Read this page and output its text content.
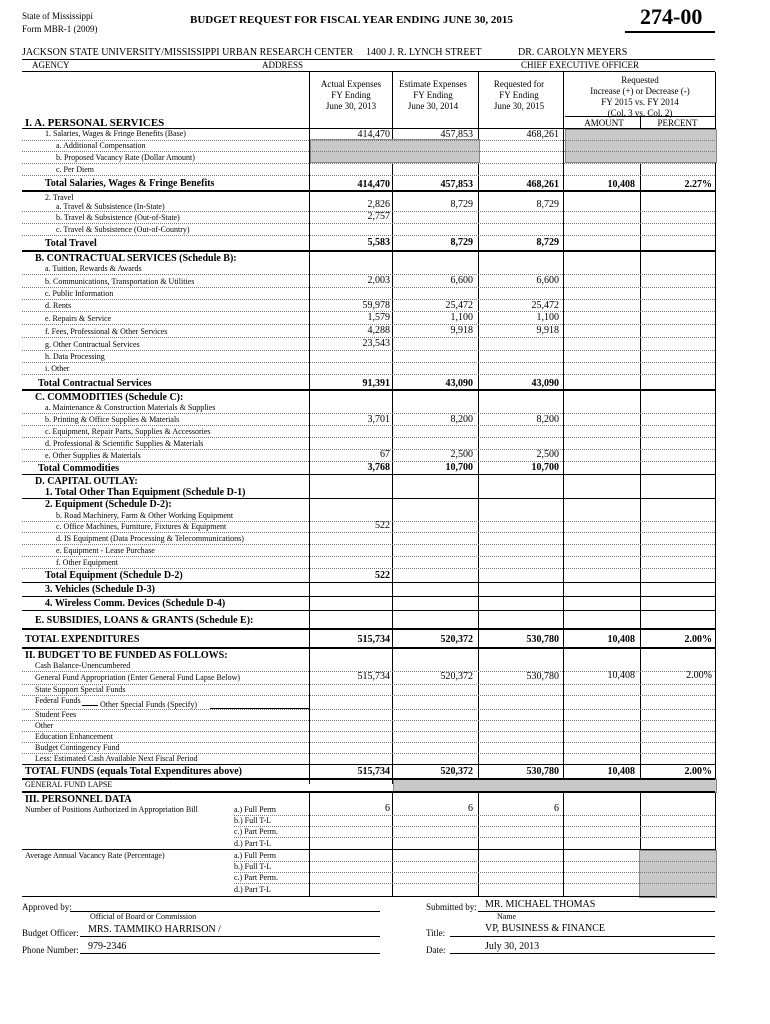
State of Mississippi
Form MBR-1 (2009)
BUDGET REQUEST FOR FISCAL YEAR ENDING JUNE 30, 2015	274-00
JACKSON STATE UNIVERSITY/MISSISSIPPI URBAN RESEARCH CENTER 1400 J. R. LYNCH STREET	DR. CAROLYN MEYERS
AGENCY	ADDRESS	CHIEF EXECUTIVE OFFICER
Actual Expenses
FY Ending
June 30, 2013
Estimate Expenses
FY Ending
June 30, 2014
Requested for
FY Ending
June 30, 2015
Requested
Increase (+) or Decrease (-)
FY 2015 vs. FY 2014
(Col. 3 vs. Col. 2)
AMOUNT	PERCENT
I. A. PERSONAL SERVICES
1. Salaries, Wages & Fringe Benefits (Base)	414,470	457,853	468,261
a. Additional Compensation
b. Proposed Vacancy Rate (Dollar Amount)
c. Per Diem
Total Salaries, Wages & Fringe Benefits	414,470	457,853	468,261	10,408	2.27%
2. Travel
a. Travel & Subsistence (In-State)	2,826	8,729	8,729
b. Travel & Subsistence (Out-of-State)	2,757
c. Travel & Subsistence (Out-of-Country)
Total Travel	5,583	8,729	8,729
B. CONTRACTUAL SERVICES (Schedule B):
a. Tuition, Rewards & Awards
b. Communications, Transportation & Utilities	2,003	6,600	6,600
c. Public Information
d. Rents	59,978	25,472	25,472
e. Repairs & Service	1,579	1,100	1,100
f. Fees, Professional & Other Services	4,288	9,918	9,918
g. Other Contractual Services	23,543
h. Data Processing
i. Other
Total Contractual Services	91,391	43,090	43,090
C. COMMODITIES (Schedule C):
a. Maintenance & Construction Materials & Supplies
b. Printing & Office Supplies & Materials	3,701	8,200	8,200
c. Equipment, Repair Parts, Supplies & Accessories
d. Professional & Scientific Supplies & Materials
e. Other Supplies & Materials	67	2,500	2,500
Total Commodities	3,768	10,700	10,700
D. CAPITAL OUTLAY:
1. Total Other Than Equipment (Schedule D-1)
2. Equipment (Schedule D-2):
b. Road Machinery, Farm & Other Working Equipment
c. Office Machines, Furniture, Fixtures & Equipment	522
d. IS Equipment (Data Processing & Telecommunications)
e. Equipment - Lease Purchase
f. Other Equipment
Total Equipment (Schedule D-2)	522
3. Vehicles (Schedule D-3)
4. Wireless Comm. Devices (Schedule D-4)
E. SUBSIDIES, LOANS & GRANTS (Schedule E):
TOTAL EXPENDITURES	515,734	520,372	530,780	10,408	2.00%
II. BUDGET TO BE FUNDED AS FOLLOWS:
Cash Balance-Unencumbered
General Fund Appropriation (Enter General Fund Lapse Below)	515,734	520,372	530,780	10,408	2.00%
State Support Special Funds
Federal Funds Other Special Funds (Specify)
Student Fees
Other
Education Enhancement
Budget Contingency Fund
Less: Estimated Cash Available Next Fiscal Period
TOTAL FUNDS (equals Total Expenditures above)	515,734	520,372	530,780	10,408	2.00%
GENERAL FUND LAPSE
III. PERSONNEL DATA
Number of Positions Authorized in Appropriation Bill	6	6	6
a.) Full Perm
b.) Full T-L
c.) Part Perm.
d.) Part T-L
Average Annual Vacancy Rate (Percentage)	a.) Full Perm
b.) Full T-L
c.) Part Perm.
d.) Part T-L
Approved by:
Official of Board or Commission
Budget Officer: MRS. TAMMIKO HARRISON /
Phone Number: 979-2346
Submitted by: MR. MICHAEL THOMAS
Name
Title:	VP, BUSINESS & FINANCE
Date:	July 30, 2013
